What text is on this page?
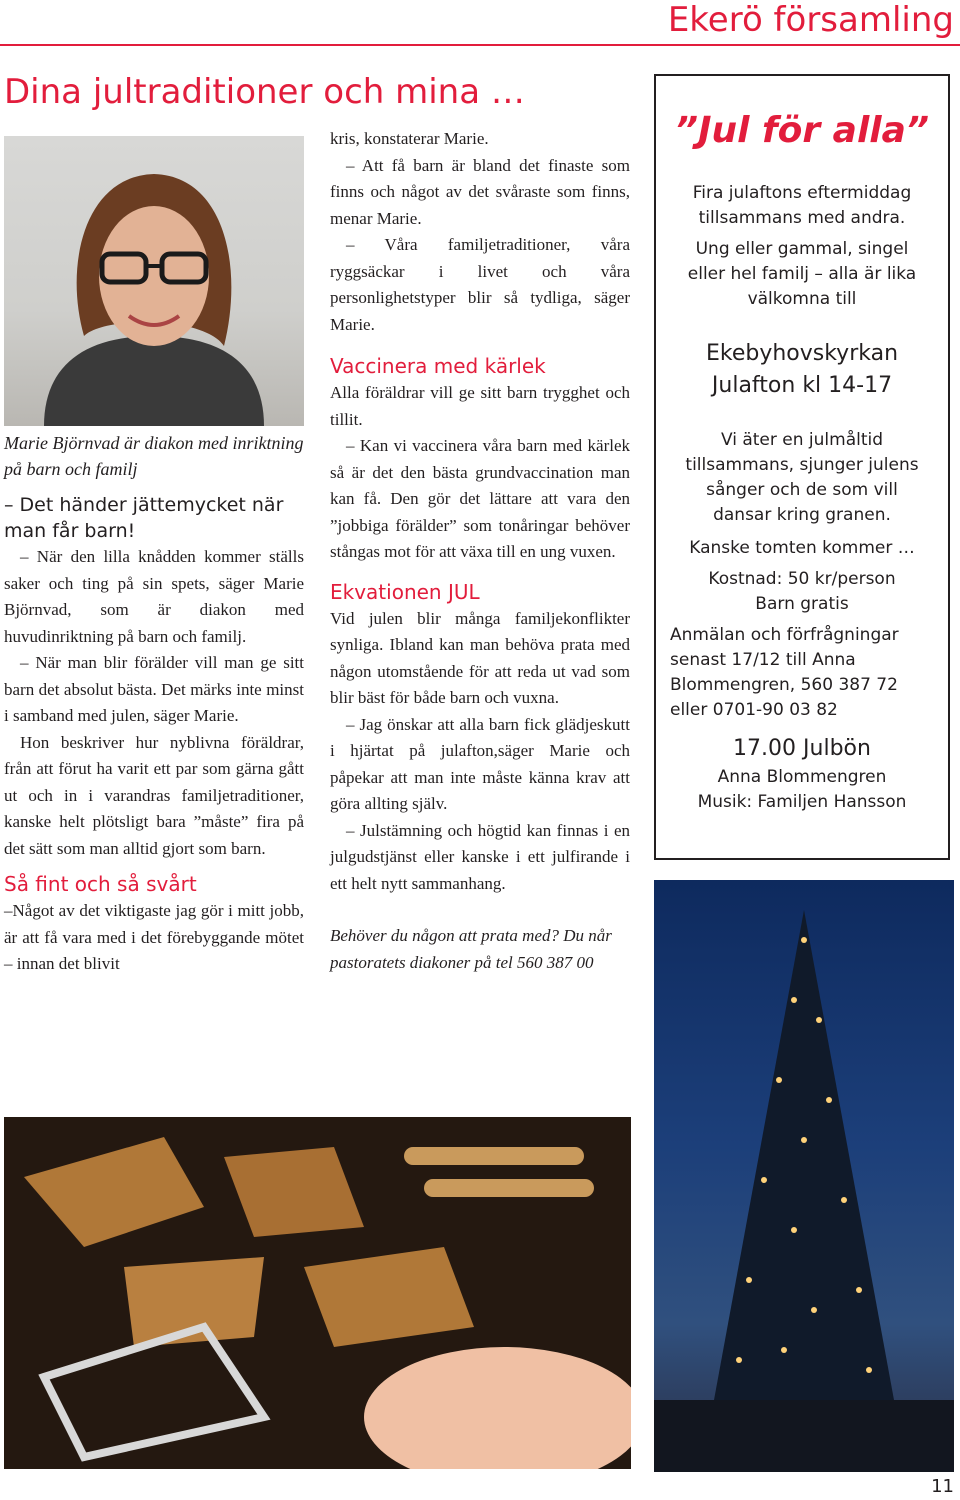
Ekerö församling
Dina jultraditioner och mina …

Marie Björnvad är diakon med inriktning på barn och familj

– Det händer jättemycket när man får barn!

– När den lilla knådden kommer ställs saker och ting på sin spets, säger Marie Björnvad, som är diakon med huvudinriktning på barn och familj.

– När man blir förälder vill man ge sitt barn det absolut bästa. Det märks inte minst i samband med julen, säger Marie.

Hon beskriver hur nyblivna föräldrar, från att förut ha varit ett par som gärna gått ut och in i varandras familjetraditioner, kanske helt plötsligt bara ”måste” fira på det sätt som man alltid gjort som barn.

Så fint och så svårt

–Något av det viktigaste jag gör i mitt jobb, är att få vara med i det förebyggande mötet – innan det blivit

kris, konstaterar Marie.

– Att få barn är bland det finaste som finns och något av det svåraste som finns, menar Marie.

– Våra familjetraditioner, våra ryggsäckar i livet och våra personlighetstyper blir så tydliga, säger Marie.

Vaccinera med kärlek

Alla föräldrar vill ge sitt barn trygghet och tillit.

– Kan vi vaccinera våra barn med kärlek så är det den bästa grundvaccination man kan få. Den gör det lättare att vara den ”jobbiga förälder” som tonåringar behöver stångas mot för att växa till en ung vuxen.

Ekvationen JUL

Vid julen blir många familjekonflikter synliga. Ibland kan man behöva prata med någon utomstående för att reda ut vad som blir bäst för både barn och vuxna.

– Jag önskar att alla barn fick glädjeskutt i hjärtat på julafton,säger Marie och påpekar att man inte måste känna krav att göra allting själv.

– Julstämning och högtid kan finnas i en julgudstjänst eller kanske i ett julfirande i ett helt nytt sammanhang.

Behöver du någon att prata med? Du når pastoratets diakoner på tel 560 387 00

”Jul för alla”
Fira julaftons eftermiddag tillsammans med andra.
Ung eller gammal, singel eller hel familj – alla är lika välkomna till
Ekebyhovskyrkan
Julafton kl 14-17
Vi äter en julmåltid tillsammans, sjunger julens sånger och de som vill dansar kring granen.
Kanske tomten kommer …
Kostnad: 50 kr/person
Barn gratis
Anmälan och förfrågningar senast 17/12 till Anna Blommengren, 560 387 72 eller 0701-90 03 82
17.00 Julbön
Anna Blommengren
Musik: Familjen Hansson
11
